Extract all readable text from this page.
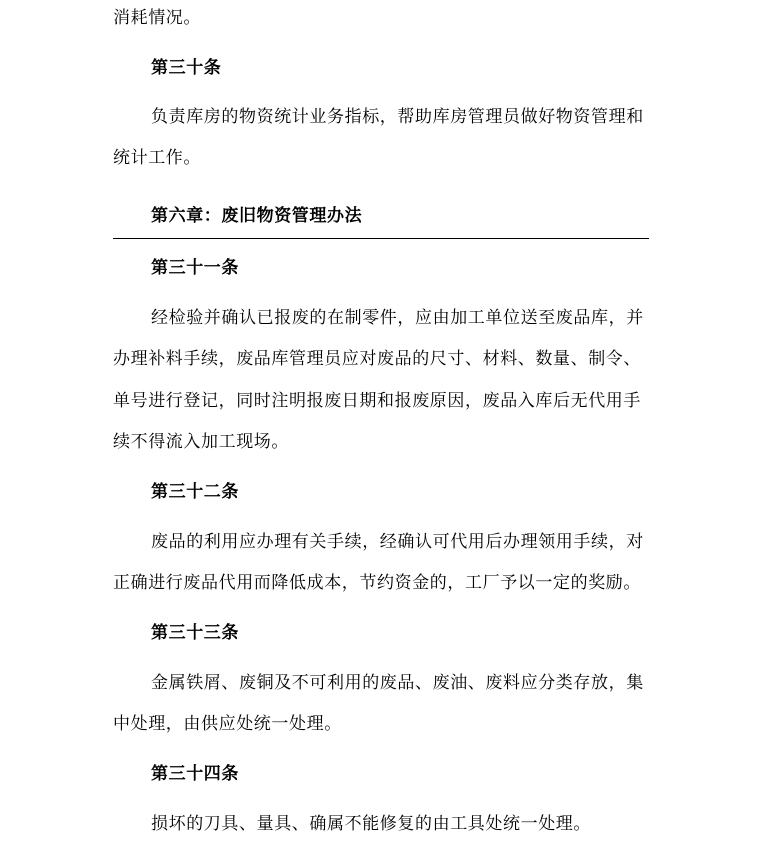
消耗情况。
第三十条
负责库房的物资统计业务指标，帮助库房管理员做好物资管理和
统计工作。
第六章：废旧物资管理办法
第三十一条
经检验并确认已报废的在制零件，应由加工单位送至废品库，并
办理补料手续，废品库管理员应对废品的尺寸、材料、数量、制令、
单号进行登记，同时注明报废日期和报废原因，废品入库后无代用手
续不得流入加工现场。
第三十二条
废品的利用应办理有关手续，经确认可代用后办理领用手续，对
正确进行废品代用而降低成本，节约资金的，工厂予以一定的奖励。
第三十三条
金属铁屑、废铜及不可利用的废品、废油、废料应分类存放，集
中处理，由供应处统一处理。
第三十四条
损坏的刀具、量具、确属不能修复的由工具处统一处理。
